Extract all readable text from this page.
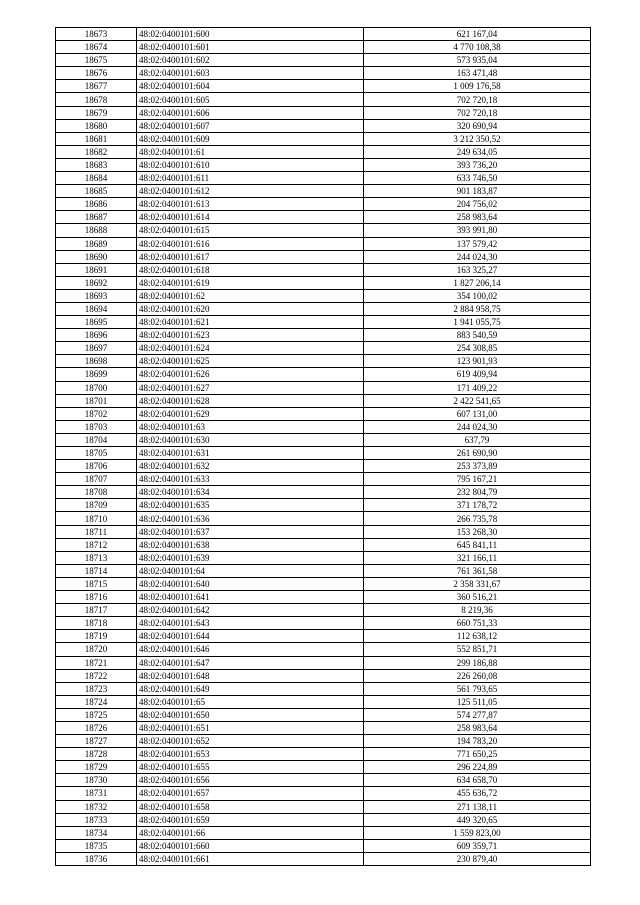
18673	48:02:0400101:600	621 167,04
18674	48:02:0400101:601	4 770 108,38
18675	48:02:0400101:602	573 935,04
18676	48:02:0400101:603	163 471,48
18677	48:02:0400101:604	1 009 176,58
18678	48:02:0400101:605	702 720,18
18679	48:02:0400101:606	702 720,18
18680	48:02:0400101:607	320 690,94
18681	48:02:0400101:609	3 212 350,52
18682	48:02:0400101:61	249 634,05
18683	48:02:0400101:610	393 736,20
18684	48:02:0400101:611	633 746,50
18685	48:02:0400101:612	901 183,87
18686	48:02:0400101:613	204 756,02
18687	48:02:0400101:614	258 983,64
18688	48:02:0400101:615	393 991,80
18689	48:02:0400101:616	137 579,42
18690	48:02:0400101:617	244 024,30
18691	48:02:0400101:618	163 325,27
18692	48:02:0400101:619	1 827 206,14
18693	48:02:0400101:62	354 100,02
18694	48:02:0400101:620	2 884 958,75
18695	48:02:0400101:621	1 941 055,75
18696	48:02:0400101:623	883 540,59
18697	48:02:0400101:624	254 308,85
18698	48:02:0400101:625	123 901,93
18699	48:02:0400101:626	619 409,94
18700	48:02:0400101:627	171 409,22
18701	48:02:0400101:628	2 422 541,65
18702	48:02:0400101:629	607 131,00
18703	48:02:0400101:63	244 024,30
18704	48:02:0400101:630	637,79
18705	48:02:0400101:631	261 690,90
18706	48:02:0400101:632	253 373,89
18707	48:02:0400101:633	795 167,21
18708	48:02:0400101:634	232 804,79
18709	48:02:0400101:635	371 178,72
18710	48:02:0400101:636	266 735,78
18711	48:02:0400101:637	153 268,30
18712	48:02:0400101:638	645 841,11
18713	48:02:0400101:639	321 166,11
18714	48:02:0400101:64	761 361,58
18715	48:02:0400101:640	2 358 331,67
18716	48:02:0400101:641	360 516,21
18717	48:02:0400101:642	8 219,36
18718	48:02:0400101:643	660 751,33
18719	48:02:0400101:644	112 638,12
18720	48:02:0400101:646	552 851,71
18721	48:02:0400101:647	299 186,88
18722	48:02:0400101:648	226 260,08
18723	48:02:0400101:649	561 793,65
18724	48:02:0400101:65	125 511,05
18725	48:02:0400101:650	574 277,87
18726	48:02:0400101:651	258 983,64
18727	48:02:0400101:652	194 783,20
18728	48:02:0400101:653	771 650,25
18729	48:02:0400101:655	296 224,89
18730	48:02:0400101:656	634 658,70
18731	48:02:0400101:657	455 636,72
18732	48:02:0400101:658	271 138,11
18733	48:02:0400101:659	449 320,65
18734	48:02:0400101:66	1 559 823,00
18735	48:02:0400101:660	609 359,71
18736	48:02:0400101:661	230 879,40
